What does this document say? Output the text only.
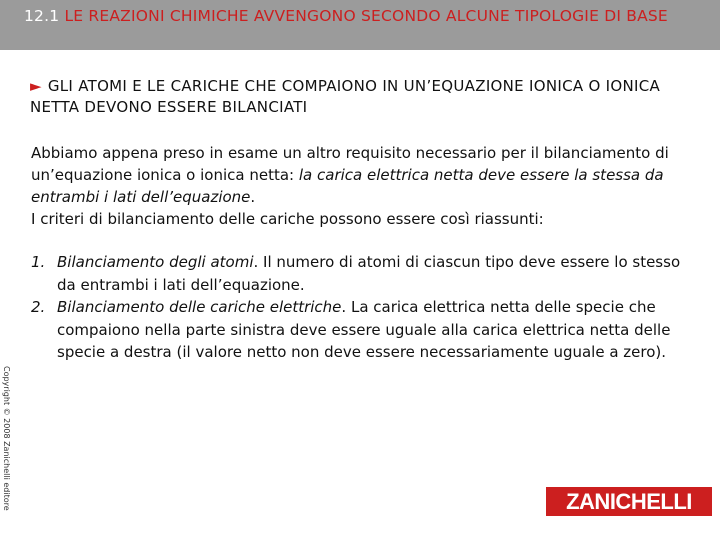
12.1 LE REAZIONI CHIMICHE AVVENGONO SECONDO ALCUNE TIPOLOGIE DI BASE
► GLI ATOMI E LE CARICHE CHE COMPAIONO IN UN’EQUAZIONE IONICA O IONICA NETTA DEVONO ESSERE BILANCIATI
Abbiamo appena preso in esame un altro requisito necessario per il bilanciamento di un’equazione ionica o ionica netta: la carica elettrica netta deve essere la stessa da entrambi i lati dell’equazione.
I criteri di bilanciamento delle cariche possono essere così riassunti:
1. Bilanciamento degli atomi. Il numero di atomi di ciascun tipo deve essere lo stesso da entrambi i lati dell’equazione.
2. Bilanciamento delle cariche elettriche. La carica elettrica netta delle specie che compaiono nella parte sinistra deve essere uguale alla carica elettrica netta delle specie a destra (il valore netto non deve essere necessariamente uguale a zero).
Copyright © 2008 Zanichelli editore	ZANICHELLI
